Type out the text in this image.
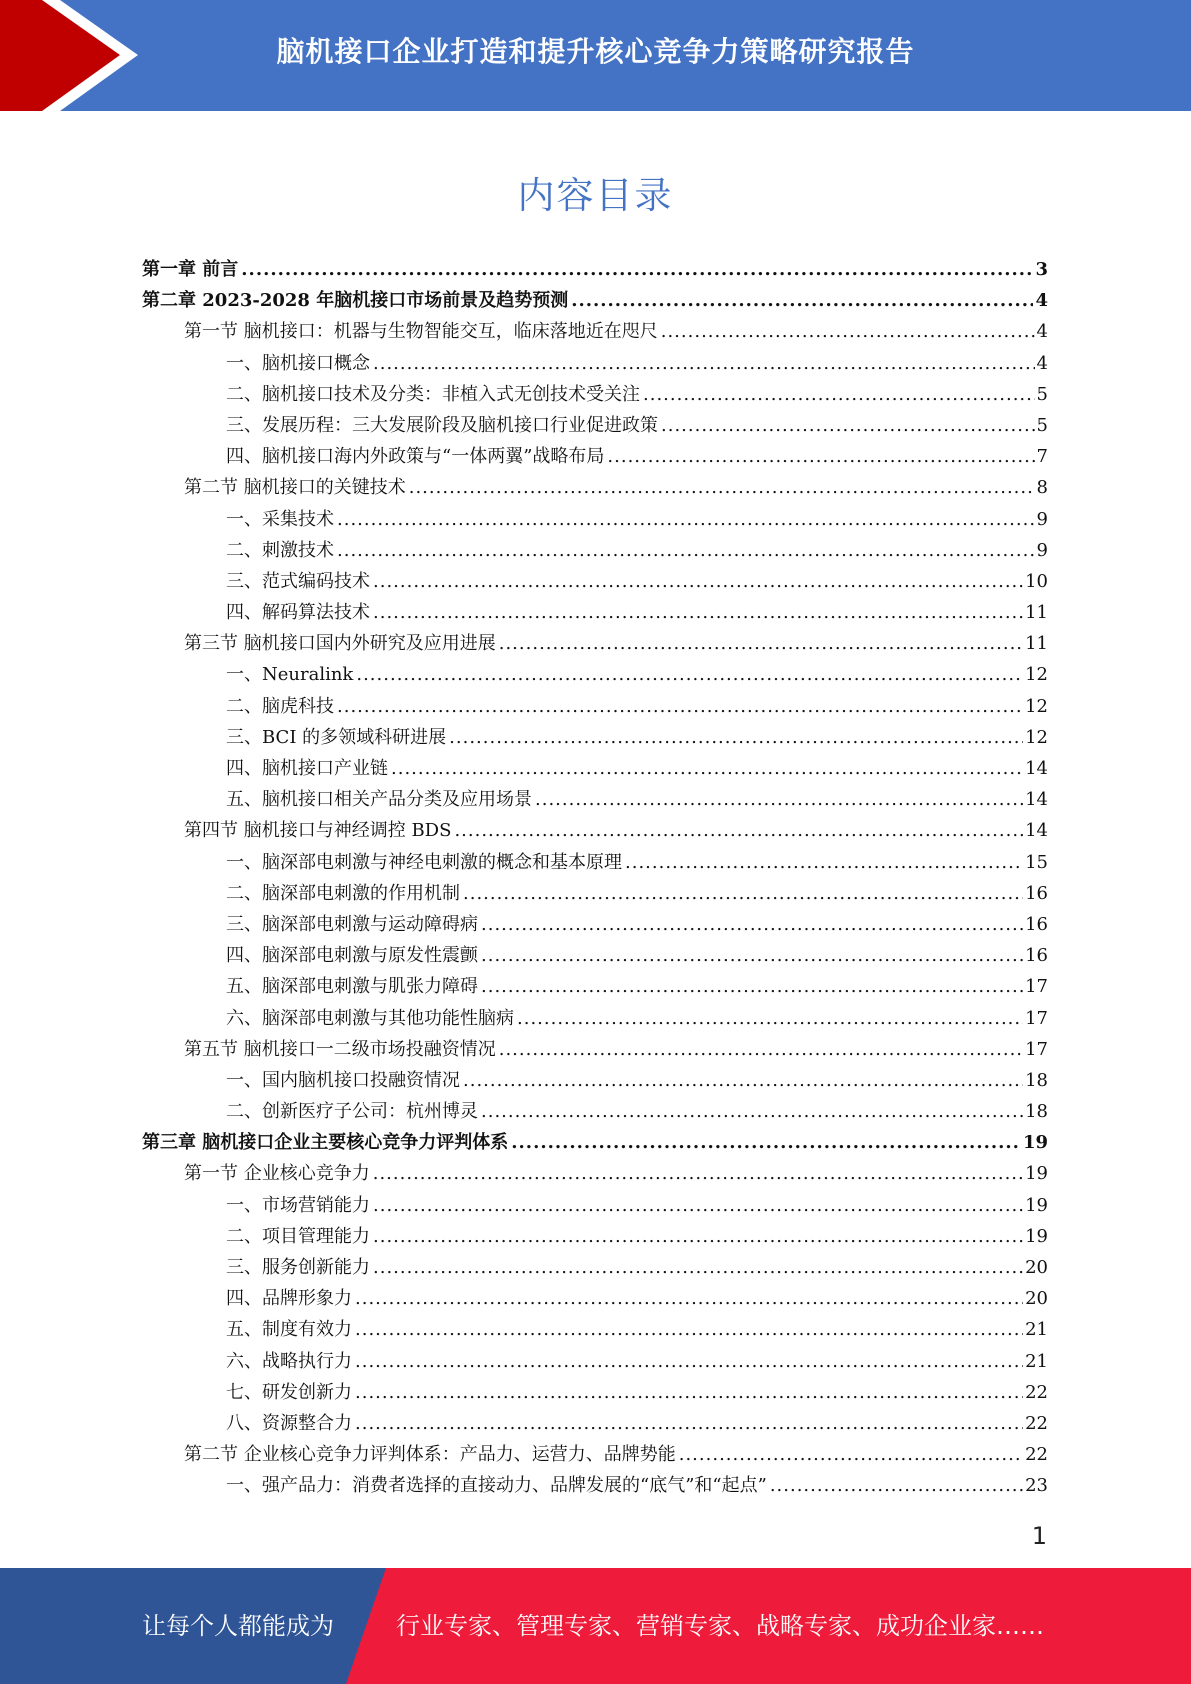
脑机接口企业打造和提升核心竞争力策略研究报告
内容目录
第一章 前言 .....	3
第二章 2023-2028 年脑机接口市场前景及趋势预测 .....	4
第一节 脑机接口：机器与生物智能交互，临床落地近在咫尺 .....	4
一、脑机接口概念 .....	4
二、脑机接口技术及分类：非植入式无创技术受关注 .....	5
三、发展历程：三大发展阶段及脑机接口行业促进政策 .....	5
四、脑机接口海内外政策与“一体两翼”战略布局 .....	7
第二节 脑机接口的关键技术 .....	8
一、采集技术 .....	9
二、刺激技术 .....	9
三、范式编码技术 .....	10
四、解码算法技术 .....	11
第三节 脑机接口国内外研究及应用进展 .....	11
一、Neuralink .....	12
二、脑虎科技 .....	12
三、BCI 的多领域科研进展 .....	12
四、脑机接口产业链 .....	14
五、脑机接口相关产品分类及应用场景 .....	14
第四节 脑机接口与神经调控 BDS .....	14
一、脑深部电刺激与神经电刺激的概念和基本原理 .....	15
二、脑深部电刺激的作用机制 .....	16
三、脑深部电刺激与运动障碍病 .....	16
四、脑深部电刺激与原发性震颤 .....	16
五、脑深部电刺激与肌张力障碍 .....	17
六、脑深部电刺激与其他功能性脑病 .....	17
第五节 脑机接口一二级市场投融资情况 .....	17
一、国内脑机接口投融资情况 .....	18
二、创新医疗子公司：杭州博灵 .....	18
第三章 脑机接口企业主要核心竞争力评判体系 .....	19
第一节 企业核心竞争力 .....	19
一、市场营销能力 .....	19
二、项目管理能力 .....	19
三、服务创新能力 .....	20
四、品牌形象力 .....	20
五、制度有效力 .....	21
六、战略执行力 .....	21
七、研发创新力 .....	22
八、资源整合力 .....	22
第二节 企业核心竞争力评判体系：产品力、运营力、品牌势能 .....	22
一、强产品力：消费者选择的直接动力、品牌发展的“底气”和“起点” .....	23
1
让每个人都能成为	行业专家、管理专家、营销专家、战略专家、成功企业家……
